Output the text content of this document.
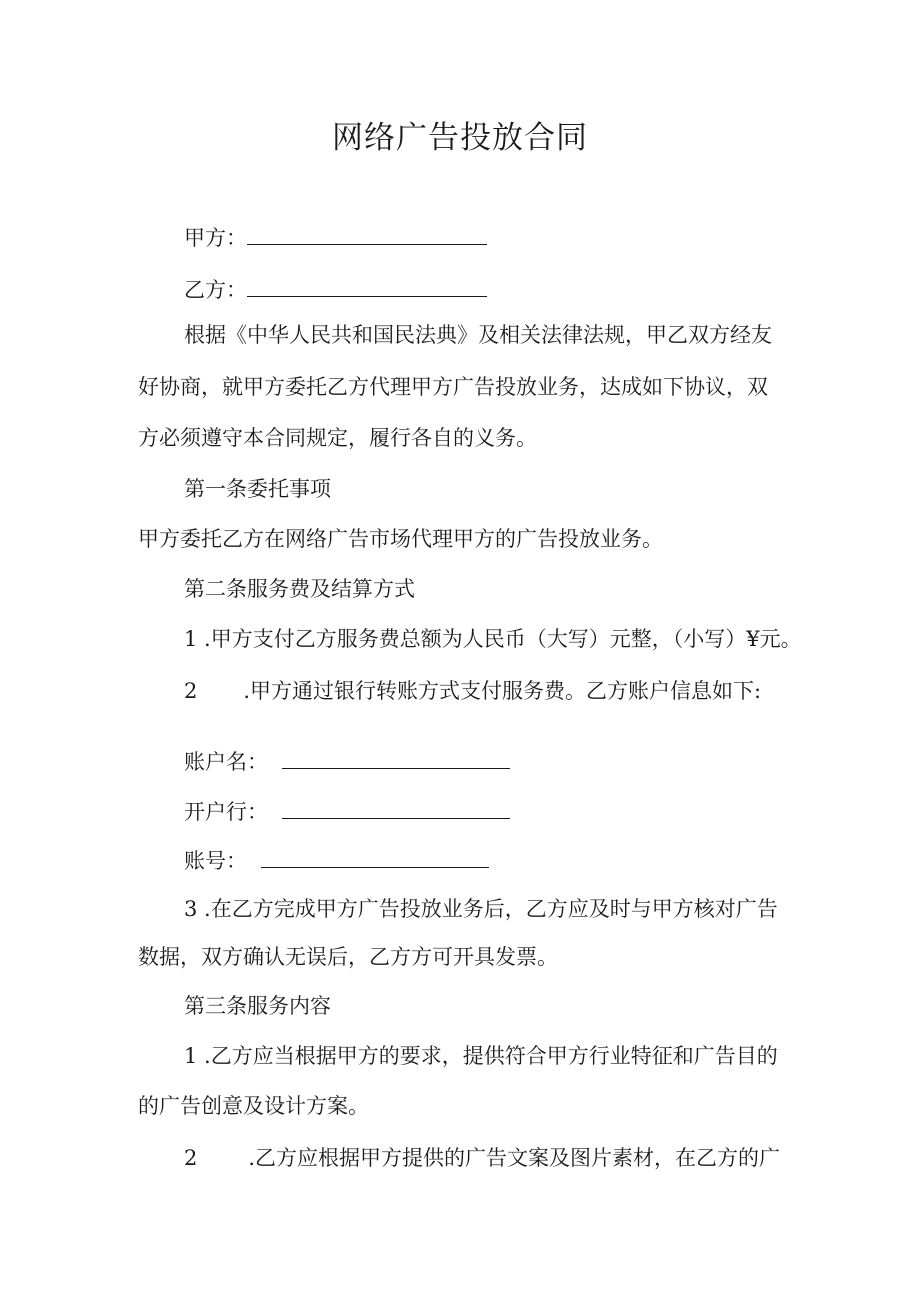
网络广告投放合同
甲方：
乙方：
根据《中华人民共和国民法典》及相关法律法规，甲乙双方经友
好协商，就甲方委托乙方代理甲方广告投放业务，达成如下协议，双
方必须遵守本合同规定，履行各自的义务。
第一条委托事项
甲方委托乙方在网络广告市场代理甲方的广告投放业务。
第二条服务费及结算方式
1 .甲方支付乙方服务费总额为人民币（大写）元整，（小写）¥元。
2 .甲方通过银行转账方式支付服务费。乙方账户信息如下:
账户名：
开户行：
账号：
3 .在乙方完成甲方广告投放业务后，乙方应及时与甲方核对广告
数据，双方确认无误后，乙方方可开具发票。
第三条服务内容
1 .乙方应当根据甲方的要求，提供符合甲方行业特征和广告目的
的广告创意及设计方案。
2 .乙方应根据甲方提供的广告文案及图片素材，在乙方的广
